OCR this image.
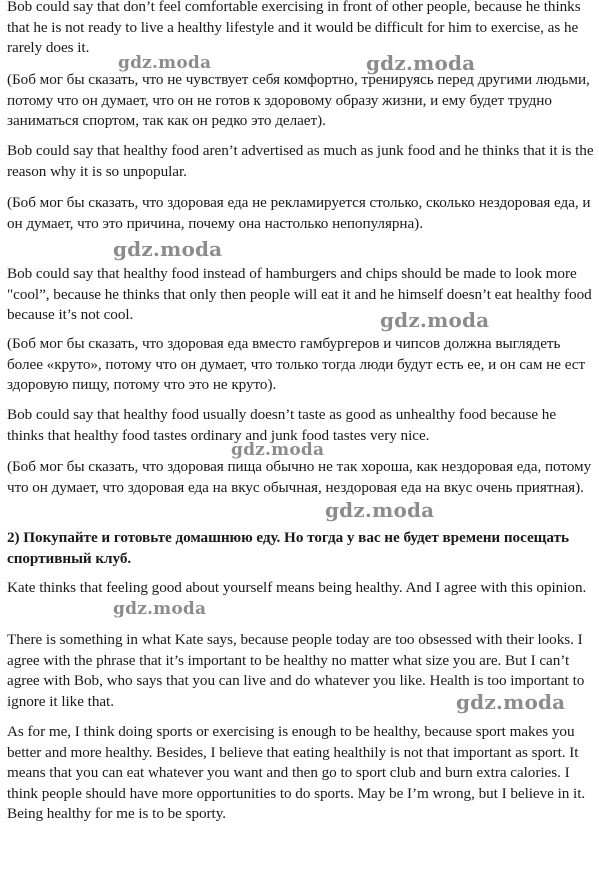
Bob could say that don’t feel comfortable exercising in front of other people, because he thinks that he is not ready to live a healthy lifestyle and it would be difficult for him to exercise, as he rarely does it.

(Боб мог бы сказать, что не чувствует себя комфортно, тренируясь перед другими людьми, потому что он думает, что он не готов к здоровому образу жизни, и ему будет трудно заниматься спортом, так как он редко это делает).

Bob could say that healthy food aren’t advertised as much as junk food and he thinks that it is the reason why it is so unpopular.

(Боб мог бы сказать, что здоровая еда не рекламируется столько, сколько нездоровая еда, и он думает, что это причина, почему она настолько непопулярна).

Bob could say that healthy food instead of hamburgers and chips should be made to look more "cool”, because he thinks that only then people will eat it and he himself doesn’t eat healthy food because it’s not cool.

(Боб мог бы сказать, что здоровая еда вместо гамбургеров и чипсов должна выглядеть более «круто», потому что он думает, что только тогда люди будут есть ее, и он сам не ест здоровую пищу, потому что это не круто).

Bob could say that healthy food usually doesn’t taste as good as unhealthy food because he thinks that healthy food tastes ordinary and junk food tastes very nice.

(Боб мог бы сказать, что здоровая пища обычно не так хороша, как нездоровая еда, потому что он думает, что здоровая еда на вкус обычная, нездоровая еда на вкус очень приятная).

2) Покупайте и готовьте домашнюю еду. Но тогда у вас не будет времени посещать спортивный клуб.

Kate thinks that feeling good about yourself means being healthy. And I agree with this opinion.

There is something in what Kate says, because people today are too obsessed with their looks. I agree with the phrase that it’s important to be healthy no matter what size you are. But I can’t agree with Bob, who says that you can live and do whatever you like. Health is too important to ignore it like that.

As for me, I think doing sports or exercising is enough to be healthy, because sport makes you better and more healthy. Besides, I believe that eating healthily is not that important as sport. It means that you can eat whatever you want and then go to sport club and burn extra calories. I think people should have more opportunities to do sports. May be I’m wrong, but I believe in it. Being healthy for me is to be sporty.

gdz.moda	gdz.moda
gdz.moda
gdz.moda
gdz.moda
gdz.moda
gdz.moda
gdz.moda
